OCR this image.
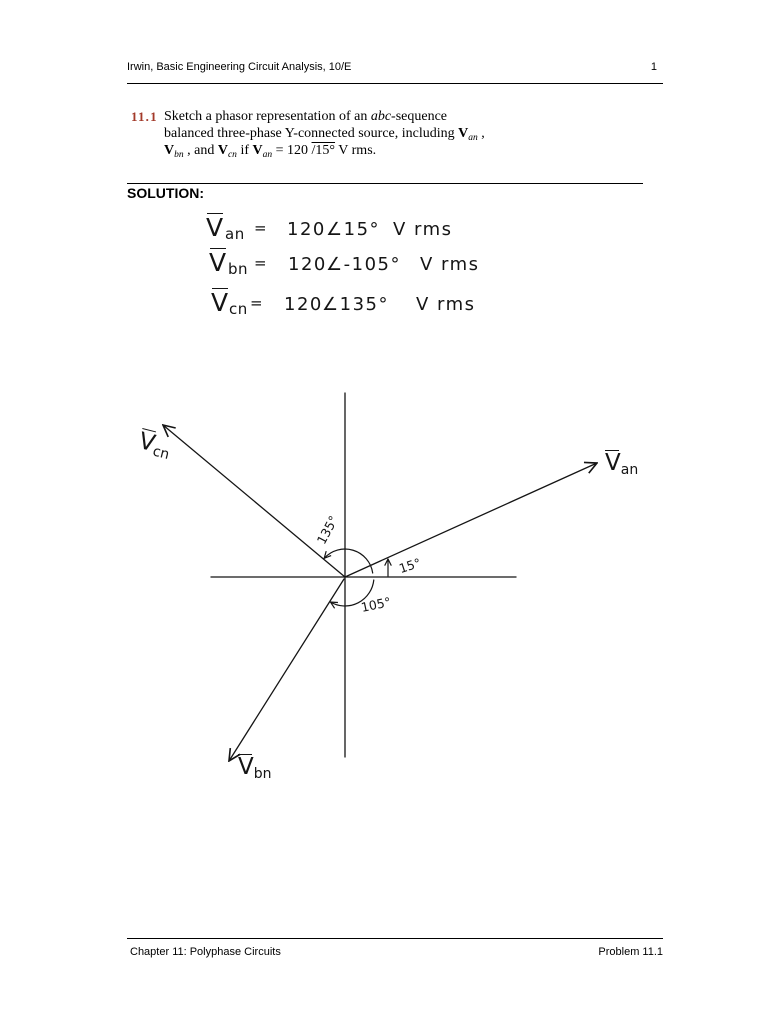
Irwin, Basic Engineering Circuit Analysis, 10/E	1
11.1 Sketch a phasor representation of an abc-sequence
balanced three-phase Y-connected source, including $V_{an}$ ,
$V_{bn}$ , and $V_{cn}$ if $V_{an} = 120$ /15° V rms.
SOLUTION:
V an = 120 ∠15° V rms
V bn = 120 ∠-105° V rms
V cn = 120 ∠135° V rms
Van
Vcn
Vbn
135°
15°
105°
Chapter 11: Polyphase Circuits	Problem 11.1
